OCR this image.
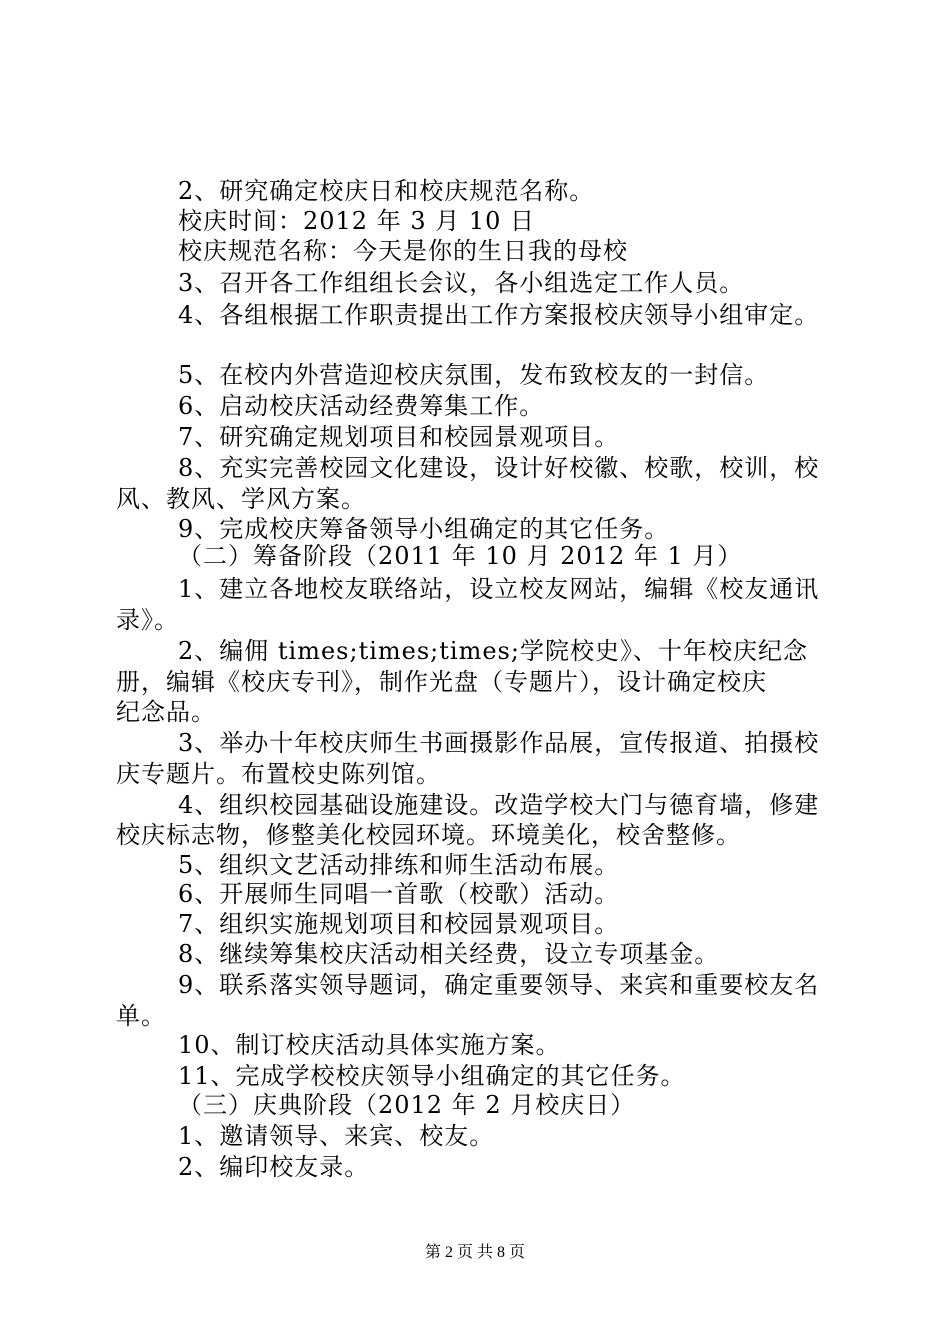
2、研究确定校庆日和校庆规范名称。
校庆时间：2012 年 3 月 10 日
校庆规范名称：今天是你的生日我的母校
3、召开各工作组组长会议，各小组选定工作人员。
4、各组根据工作职责提出工作方案报校庆领导小组审定。
5、在校内外营造迎校庆氛围，发布致校友的一封信。
6、启动校庆活动经费筹集工作。
7、研究确定规划项目和校园景观项目。
8、充实完善校园文化建设，设计好校徽、校歌，校训，校
风、教风、学风方案。
9、完成校庆筹备领导小组确定的其它任务。
（二）筹备阶段（2011 年 10 月 2012 年 1 月）
1、建立各地校友联络站，设立校友网站，编辑《校友通讯
录》。
2、编佣 times;times;times;学院校史》、十年校庆纪念
册，编辑《校庆专刊》，制作光盘（专题片），设计确定校庆
纪念品。
3、举办十年校庆师生书画摄影作品展，宣传报道、拍摄校
庆专题片。布置校史陈列馆。
4、组织校园基础设施建设。改造学校大门与德育墙，修建
校庆标志物，修整美化校园环境。环境美化，校舍整修。
5、组织文艺活动排练和师生活动布展。
6、开展师生同唱一首歌（校歌）活动。
7、组织实施规划项目和校园景观项目。
8、继续筹集校庆活动相关经费，设立专项基金。
9、联系落实领导题词，确定重要领导、来宾和重要校友名
单。
10、制订校庆活动具体实施方案。
11、完成学校校庆领导小组确定的其它任务。
（三）庆典阶段（2012 年 2 月校庆日）
1、邀请领导、来宾、校友。
2、编印校友录。
第 2 页 共 8 页
